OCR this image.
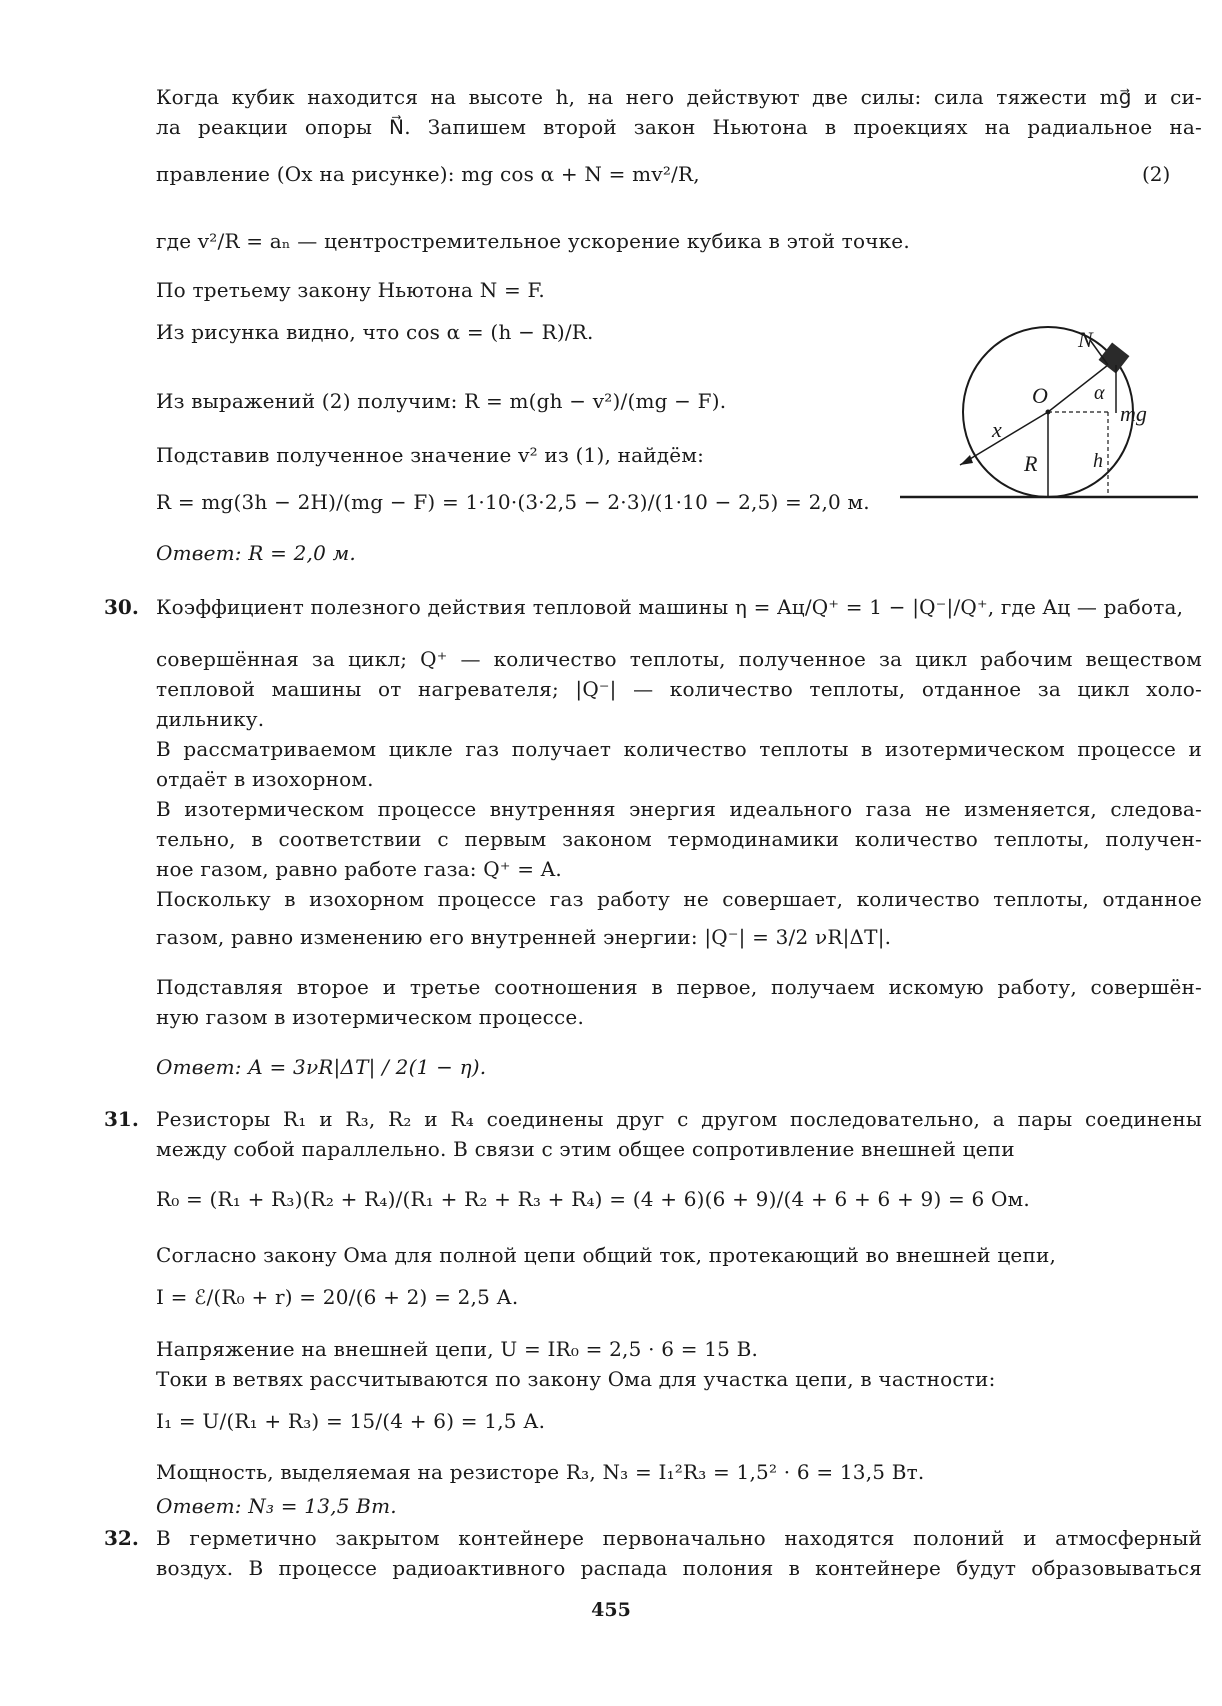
Когда кубик находится на высоте h, на него действуют две силы: сила тяжести mg⃗ и си-
ла реакции опоры N⃗. Запишем второй закон Ньютона в проекциях на радиальное на-
правление (Ox на рисунке): mg cos α + N = mv²/R,	(2)
где v²/R = aₙ — центростремительное ускорение кубика в этой точке.
По третьему закону Ньютона N = F.
Из рисунка видно, что cos α = (h − R)/R.
Из выражений (2) получим: R = m(gh − v²)/(mg − F).
Подставив полученное значение v² из (1), найдём:
R = mg(3h − 2H)/(mg − F) = 1·10·(3·2,5 − 2·3)/(1·10 − 2,5) = 2,0 м.
Ответ: R = 2,0 м.
O
N
α
mg
x
R	h
30. Коэффициент полезного действия тепловой машины η = Aц/Q⁺ = 1 − |Q⁻|/Q⁺, где Aц — работа,
совершённая за цикл; Q⁺ — количество теплоты, полученное за цикл рабочим веществом
тепловой машины от нагревателя; |Q⁻| — количество теплоты, отданное за цикл холо-
дильнику.
В рассматриваемом цикле газ получает количество теплоты в изотермическом процессе и
отдаёт в изохорном.
В изотермическом процессе внутренняя энергия идеального газа не изменяется, следова-
тельно, в соответствии с первым законом термодинамики количество теплоты, получен-
ное газом, равно работе газа: Q⁺ = A.
Поскольку в изохорном процессе газ работу не совершает, количество теплоты, отданное
газом, равно изменению его внутренней энергии: |Q⁻| = 3/2 νR|ΔT|.
Подставляя второе и третье соотношения в первое, получаем искомую работу, совершён-
ную газом в изотермическом процессе.
Ответ: A = 3νR|ΔT| / 2(1 − η).
31. Резисторы R₁ и R₃, R₂ и R₄ соединены друг с другом последовательно, а пары соединены
между собой параллельно. В связи с этим общее сопротивление внешней цепи
R₀ = (R₁ + R₃)(R₂ + R₄)/(R₁ + R₂ + R₃ + R₄) = (4 + 6)(6 + 9)/(4 + 6 + 6 + 9) = 6 Ом.
Согласно закону Ома для полной цепи общий ток, протекающий во внешней цепи,
I = ℰ/(R₀ + r) = 20/(6 + 2) = 2,5 А.
Напряжение на внешней цепи, U = IR₀ = 2,5 · 6 = 15 В.
Токи в ветвях рассчитываются по закону Ома для участка цепи, в частности:
I₁ = U/(R₁ + R₃) = 15/(4 + 6) = 1,5 А.
Мощность, выделяемая на резисторе R₃, N₃ = I₁²R₃ = 1,5² · 6 = 13,5 Вт.
Ответ: N₃ = 13,5 Вт.
32. В герметично закрытом контейнере первоначально находятся полоний и атмосферный
воздух. В процессе радиоактивного распада полония в контейнере будут образовываться
455
